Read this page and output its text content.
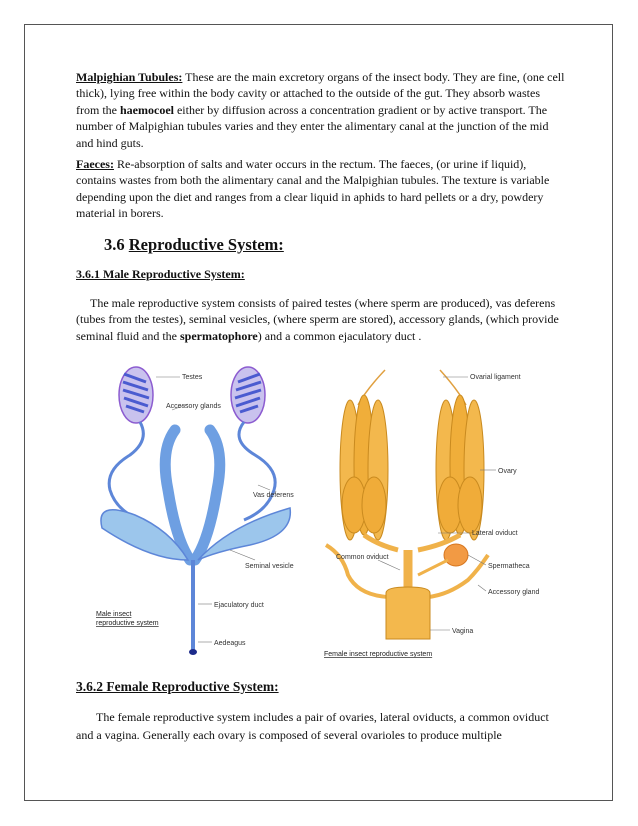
Malpighian Tubules: These are the main excretory organs of the insect body. They are fine, (one cell thick), lying free within the body cavity or attached to the outside of the gut. They absorb wastes from the haemocoel either by diffusion across a concentration gradient or by active transport. The number of Malpighian tubules varies and they enter the alimentary canal at the junction of the mid and hind guts.

Faeces: Re-absorption of salts and water occurs in the rectum. The faeces, (or urine if liquid), contains wastes from both the alimentary canal and the Malpighian tubules. The texture is variable depending upon the diet and ranges from a clear liquid in aphids to hard pellets or a dry, powdery material in borers.

3.6 Reproductive System:
3.6.1 Male Reproductive System:

The male reproductive system consists of paired testes (where sperm are produced), vas deferens (tubes from the testes), seminal vesicles, (where sperm are stored), accessory glands, (which provide seminal fluid and the spermatophore) and a common ejaculatory duct .

Testes
Accessory glands
Vas deferens
Seminal vesicle
Ejaculatory duct
Aedeagus
Male insect
reproductive system
Ovarial ligament
Ovary
Lateral oviduct
Common oviduct
Spermatheca
Accessory gland
Vagina
Female insect reproductive system
3.6.2 Female Reproductive System:

The female reproductive system includes a pair of ovaries, lateral oviducts, a common oviduct and a vagina. Generally each ovary is composed of several ovarioles to produce multiple
